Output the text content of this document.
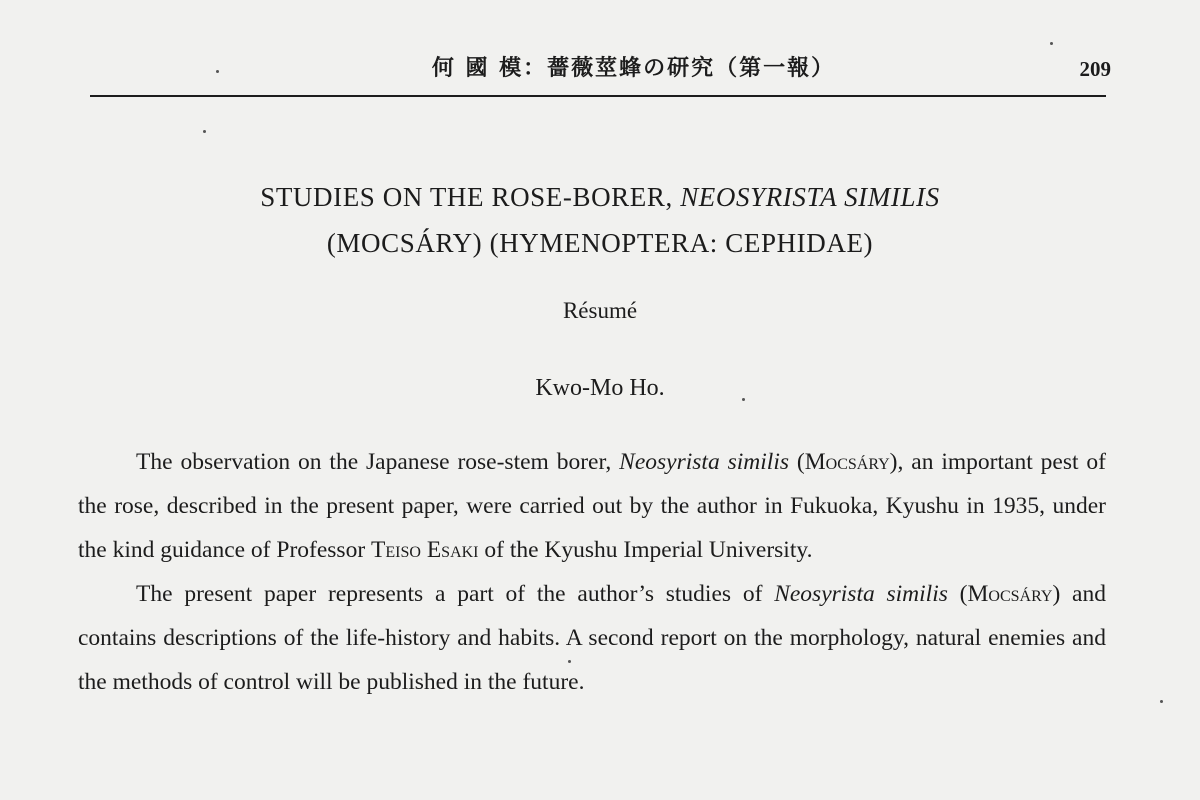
何 國 模：薔薇莖蜂の研究（第一報）	209
STUDIES ON THE ROSE-BORER, NEOSYRISTA SIMILIS
(MOCSÁRY) (HYMENOPTERA: CEPHIDAE)
Résumé
Kwo-Mo Ho.

The observation on the Japanese rose-stem borer, Neosyrista similis (Mocsáry), an important pest of the rose, described in the present paper, were carried out by the author in Fukuoka, Kyushu in 1935, under the kind guidance of Professor Teiso Esaki of the Kyushu Imperial University.

The present paper represents a part of the author’s studies of Neosyrista similis (Mocsáry) and contains descriptions of the life-history and habits. A second report on the morphology, natural enemies and the methods of control will be published in the future.
